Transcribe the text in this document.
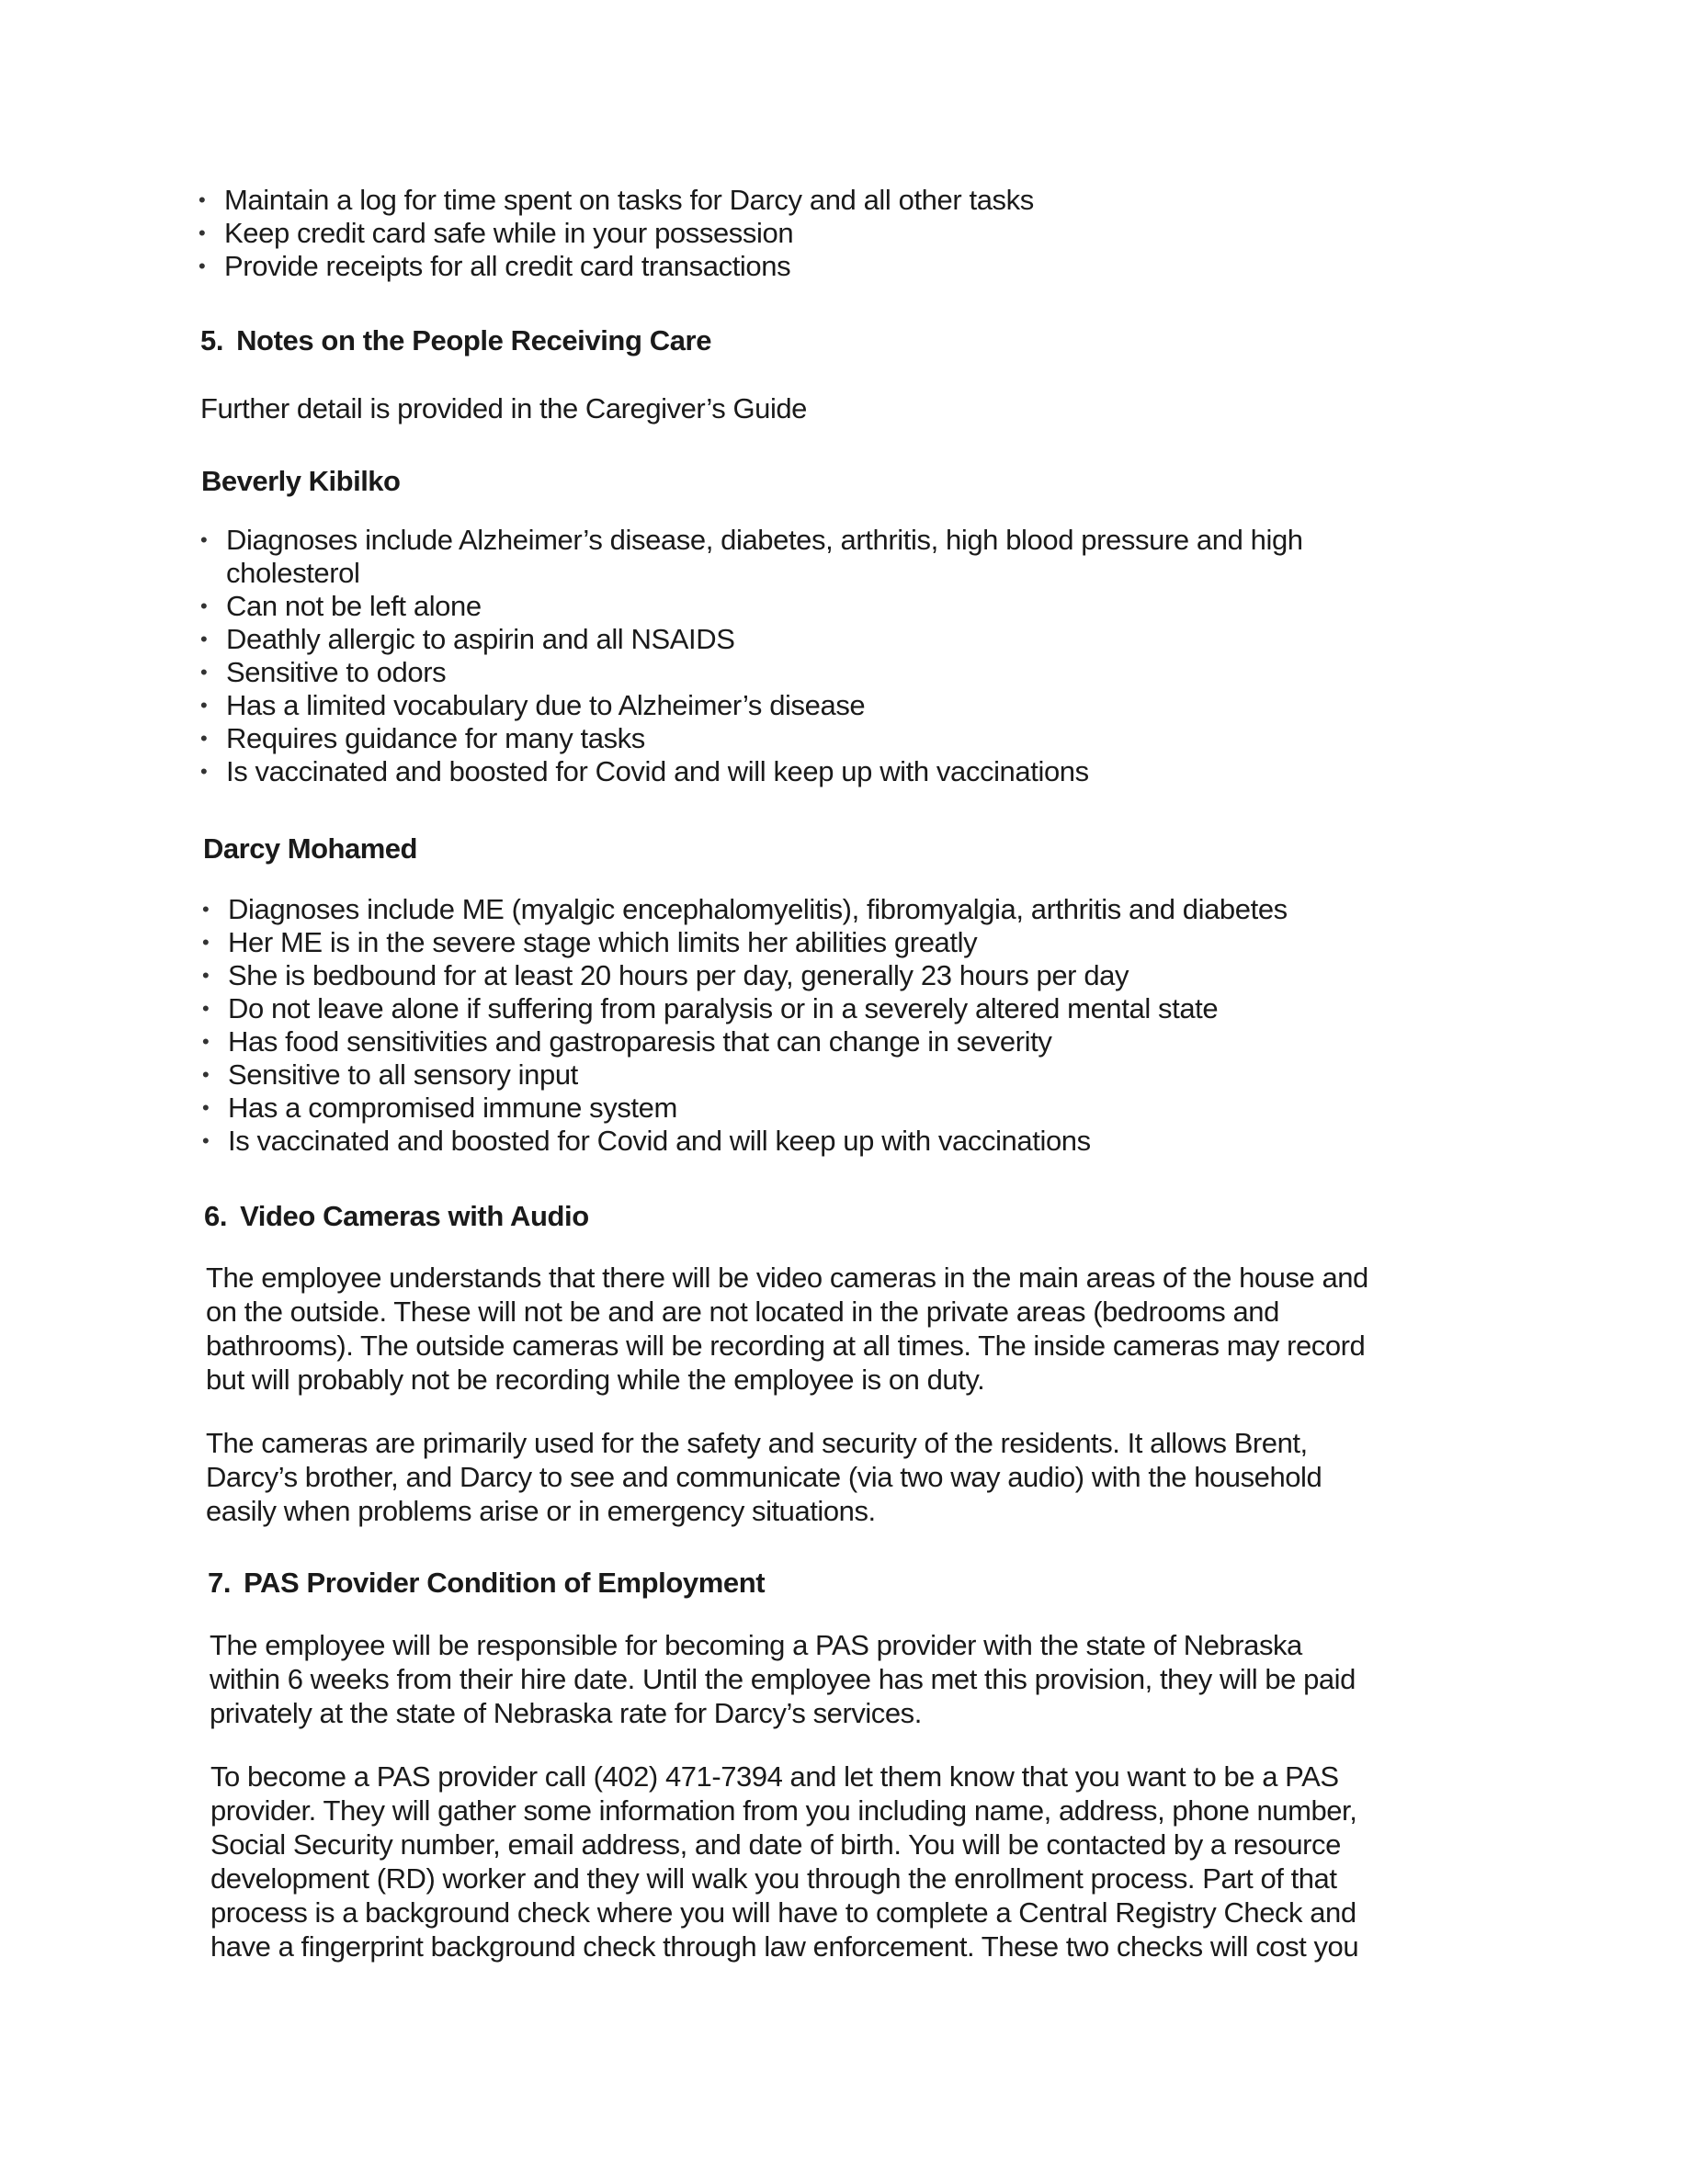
• Maintain a log for time spent on tasks for Darcy and all other tasks
• Keep credit card safe while in your possession
• Provide receipts for all credit card transactions
5. Notes on the People Receiving Care
Further detail is provided in the Caregiver’s Guide
Beverly Kibilko
• Diagnoses include Alzheimer’s disease, diabetes, arthritis, high blood pressure and high cholesterol
• Can not be left alone
• Deathly allergic to aspirin and all NSAIDS
• Sensitive to odors
• Has a limited vocabulary due to Alzheimer’s disease
• Requires guidance for many tasks
• Is vaccinated and boosted for Covid and will keep up with vaccinations
Darcy Mohamed
• Diagnoses include ME (myalgic encephalomyelitis), fibromyalgia, arthritis and diabetes
• Her ME is in the severe stage which limits her abilities greatly
• She is bedbound for at least 20 hours per day, generally 23 hours per day
• Do not leave alone if suffering from paralysis or in a severely altered mental state
• Has food sensitivities and gastroparesis that can change in severity
• Sensitive to all sensory input
• Has a compromised immune system
• Is vaccinated and boosted for Covid and will keep up with vaccinations
6. Video Cameras with Audio
The employee understands that there will be video cameras in the main areas of the house and
on the outside. These will not be and are not located in the private areas (bedrooms and
bathrooms). The outside cameras will be recording at all times. The inside cameras may record
but will probably not be recording while the employee is on duty.
The cameras are primarily used for the safety and security of the residents. It allows Brent,
Darcy’s brother, and Darcy to see and communicate (via two way audio) with the household
easily when problems arise or in emergency situations.
7. PAS Provider Condition of Employment
The employee will be responsible for becoming a PAS provider with the state of Nebraska
within 6 weeks from their hire date. Until the employee has met this provision, they will be paid
privately at the state of Nebraska rate for Darcy’s services.
To become a PAS provider call (402) 471-7394 and let them know that you want to be a PAS
provider. They will gather some information from you including name, address, phone number,
Social Security number, email address, and date of birth. You will be contacted by a resource
development (RD) worker and they will walk you through the enrollment process. Part of that
process is a background check where you will have to complete a Central Registry Check and
have a fingerprint background check through law enforcement. These two checks will cost you
